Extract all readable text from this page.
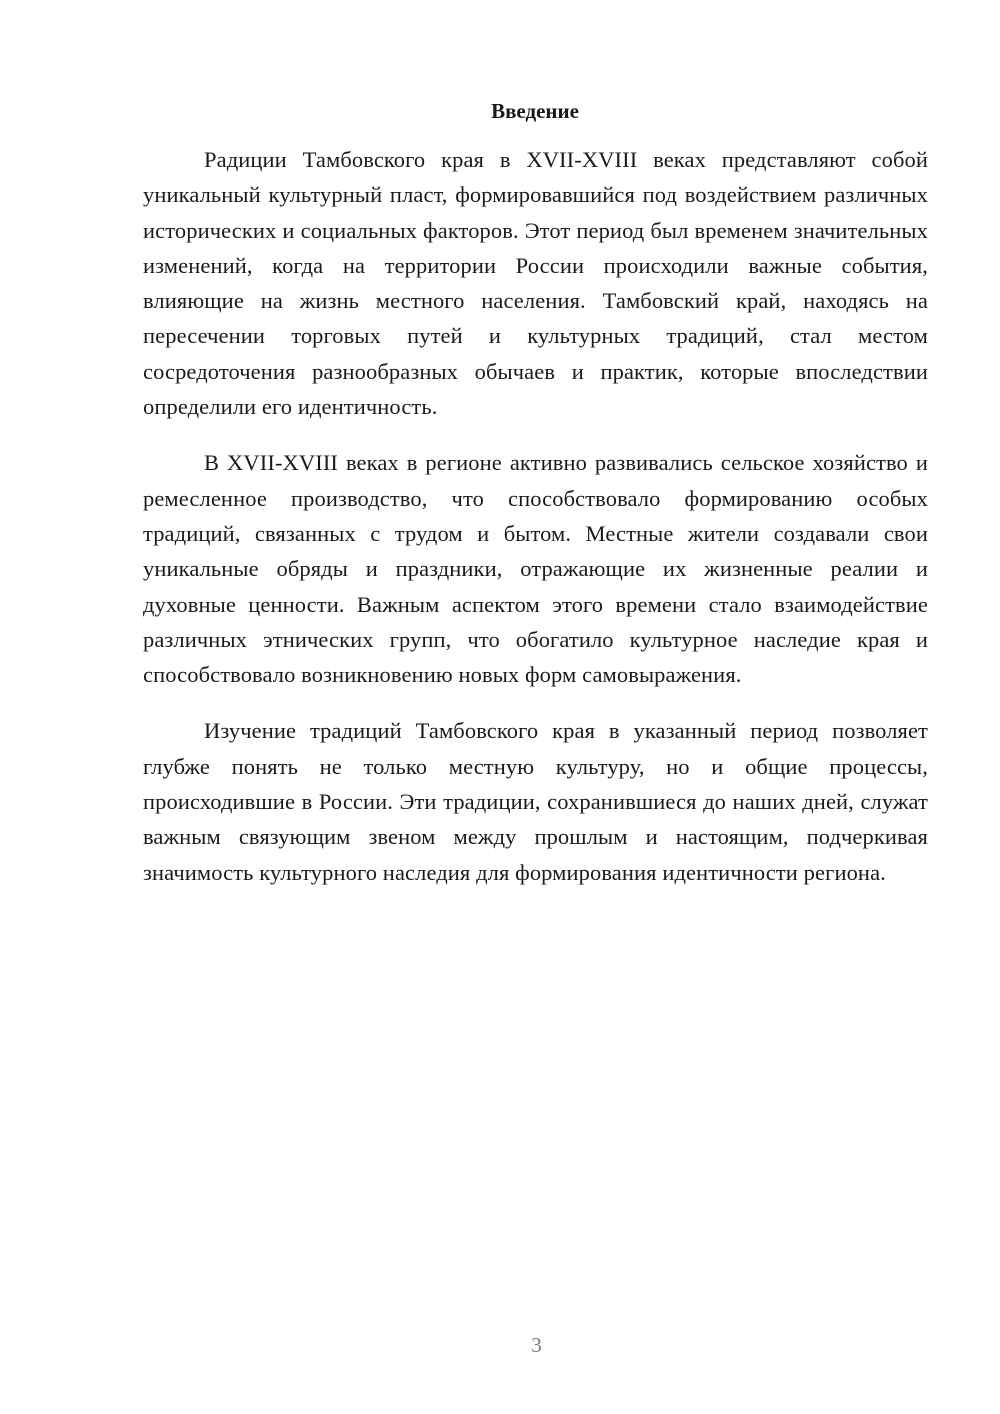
Введение

Радиции Тамбовского края в XVII-XVIII веках представляют собой уникальный культурный пласт, формировавшийся под воздействием различных исторических и социальных факторов. Этот период был временем значительных изменений, когда на территории России происходили важные события, влияющие на жизнь местного населения. Тамбовский край, находясь на пересечении торговых путей и культурных традиций, стал местом сосредоточения разнообразных обычаев и практик, которые впоследствии определили его идентичность.

В XVII-XVIII веках в регионе активно развивались сельское хозяйство и ремесленное производство, что способствовало формированию особых традиций, связанных с трудом и бытом. Местные жители создавали свои уникальные обряды и праздники, отражающие их жизненные реалии и духовные ценности. Важным аспектом этого времени стало взаимодействие различных этнических групп, что обогатило культурное наследие края и способствовало возникновению новых форм самовыражения.

Изучение традиций Тамбовского края в указанный период позволяет глубже понять не только местную культуру, но и общие процессы, происходившие в России. Эти традиции, сохранившиеся до наших дней, служат важным связующим звеном между прошлым и настоящим, подчеркивая значимость культурного наследия для формирования идентичности региона.

3
